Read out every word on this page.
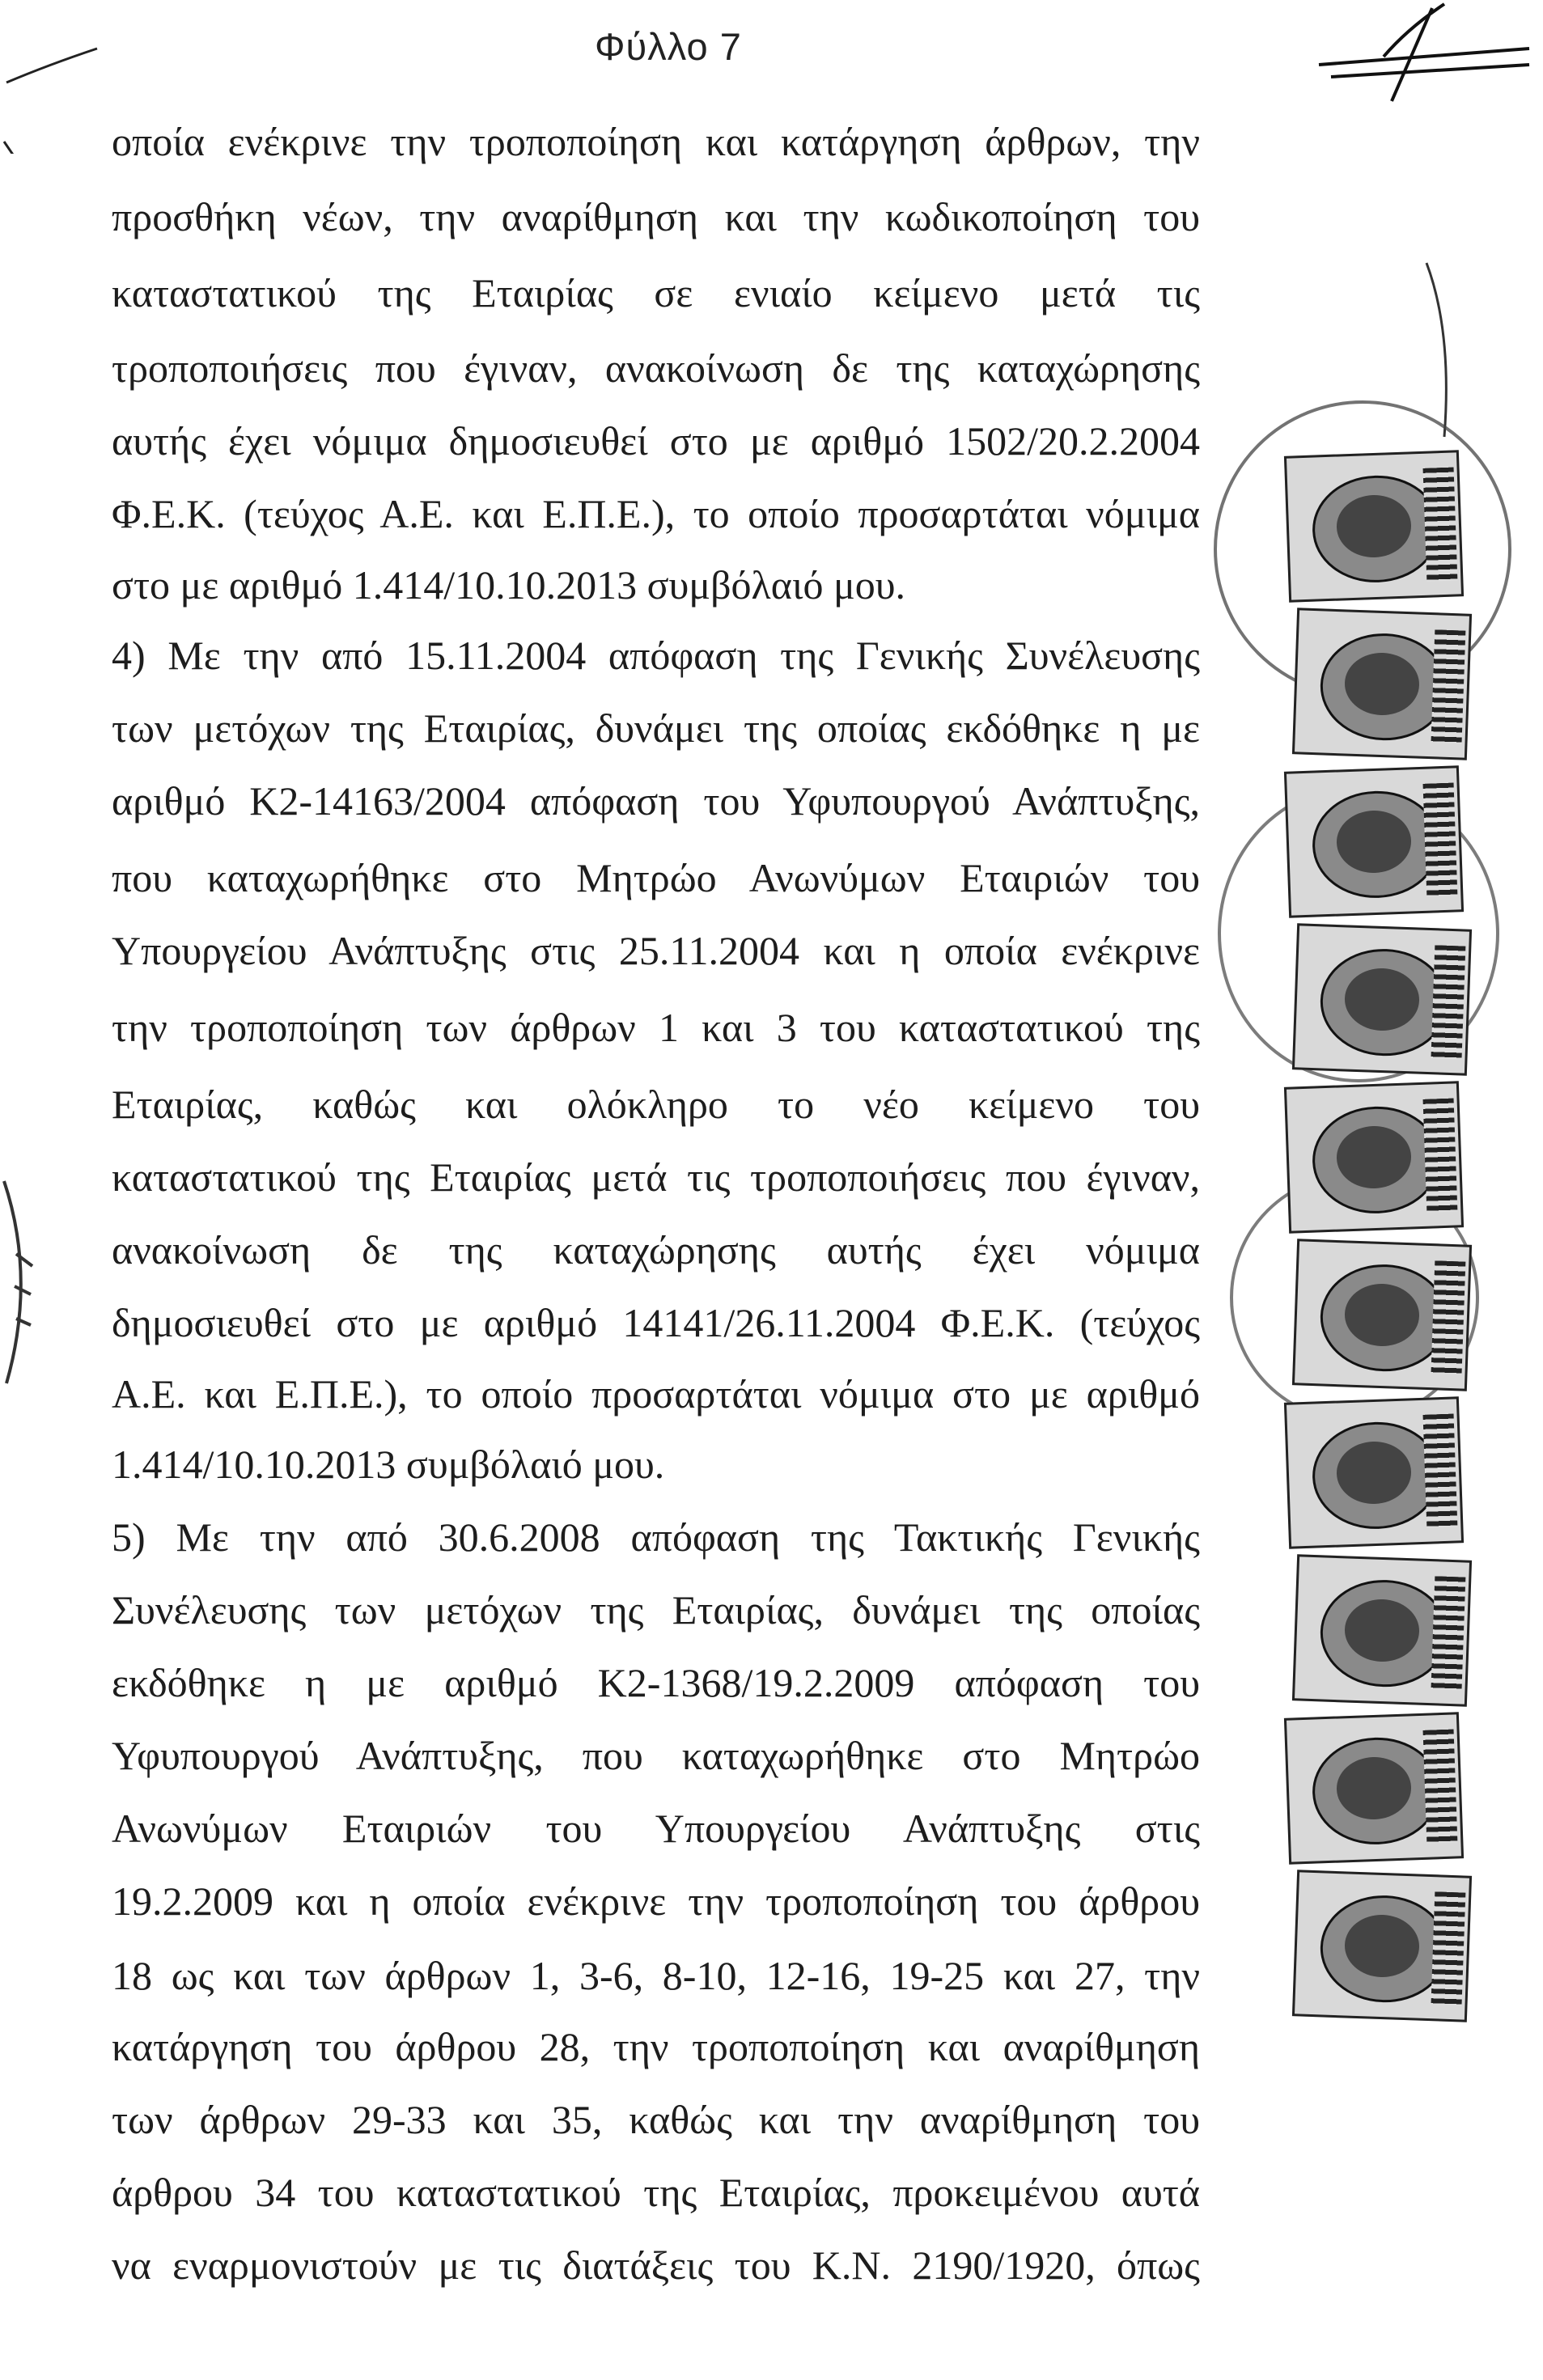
Φύλλο 7
οποία ενέκρινε την τροποποίηση και κατάργηση άρθρων, την
προσθήκη νέων, την αναρίθμηση και την κωδικοποίηση του
καταστατικού της Εταιρίας σε ενιαίο κείμενο μετά τις
τροποποιήσεις που έγιναν, ανακοίνωση δε της καταχώρησης
αυτής έχει νόμιμα δημοσιευθεί στο με αριθμό 1502/20.2.2004
Φ.Ε.Κ. (τεύχος Α.Ε. και Ε.Π.Ε.), το οποίο προσαρτάται νόμιμα
στο με αριθμό 1.414/10.10.2013 συμβόλαιό μου.
4) Με την από 15.11.2004 απόφαση της Γενικής Συνέλευσης
των μετόχων της Εταιρίας, δυνάμει της οποίας εκδόθηκε η με
αριθμό Κ2-14163/2004 απόφαση του Υφυπουργού Ανάπτυξης,
που καταχωρήθηκε στο Μητρώο Ανωνύμων Εταιριών του
Υπουργείου Ανάπτυξης στις 25.11.2004 και η οποία ενέκρινε
την τροποποίηση των άρθρων 1 και 3 του καταστατικού της
Εταιρίας, καθώς και ολόκληρο το νέο κείμενο του
καταστατικού της Εταιρίας μετά τις τροποποιήσεις που έγιναν,
ανακοίνωση δε της καταχώρησης αυτής έχει νόμιμα
δημοσιευθεί στο με αριθμό 14141/26.11.2004 Φ.Ε.Κ. (τεύχος
Α.Ε. και Ε.Π.Ε.), το οποίο προσαρτάται νόμιμα στο με αριθμό
1.414/10.10.2013 συμβόλαιό μου.
5) Με την από 30.6.2008 απόφαση της Τακτικής Γενικής
Συνέλευσης των μετόχων της Εταιρίας, δυνάμει της οποίας
εκδόθηκε η με αριθμό Κ2-1368/19.2.2009 απόφαση του
Υφυπουργού Ανάπτυξης, που καταχωρήθηκε στο Μητρώο
Ανωνύμων Εταιριών του Υπουργείου Ανάπτυξης στις
19.2.2009 και η οποία ενέκρινε την τροποποίηση του άρθρου
18 ως και των άρθρων 1, 3-6, 8-10, 12-16, 19-25 και 27, την
κατάργηση του άρθρου 28, την τροποποίηση και αναρίθμηση
των άρθρων 29-33 και 35, καθώς και την αναρίθμηση του
άρθρου 34 του καταστατικού της Εταιρίας, προκειμένου αυτά
να εναρμονιστούν με τις διατάξεις του Κ.Ν. 2190/1920, όπως
